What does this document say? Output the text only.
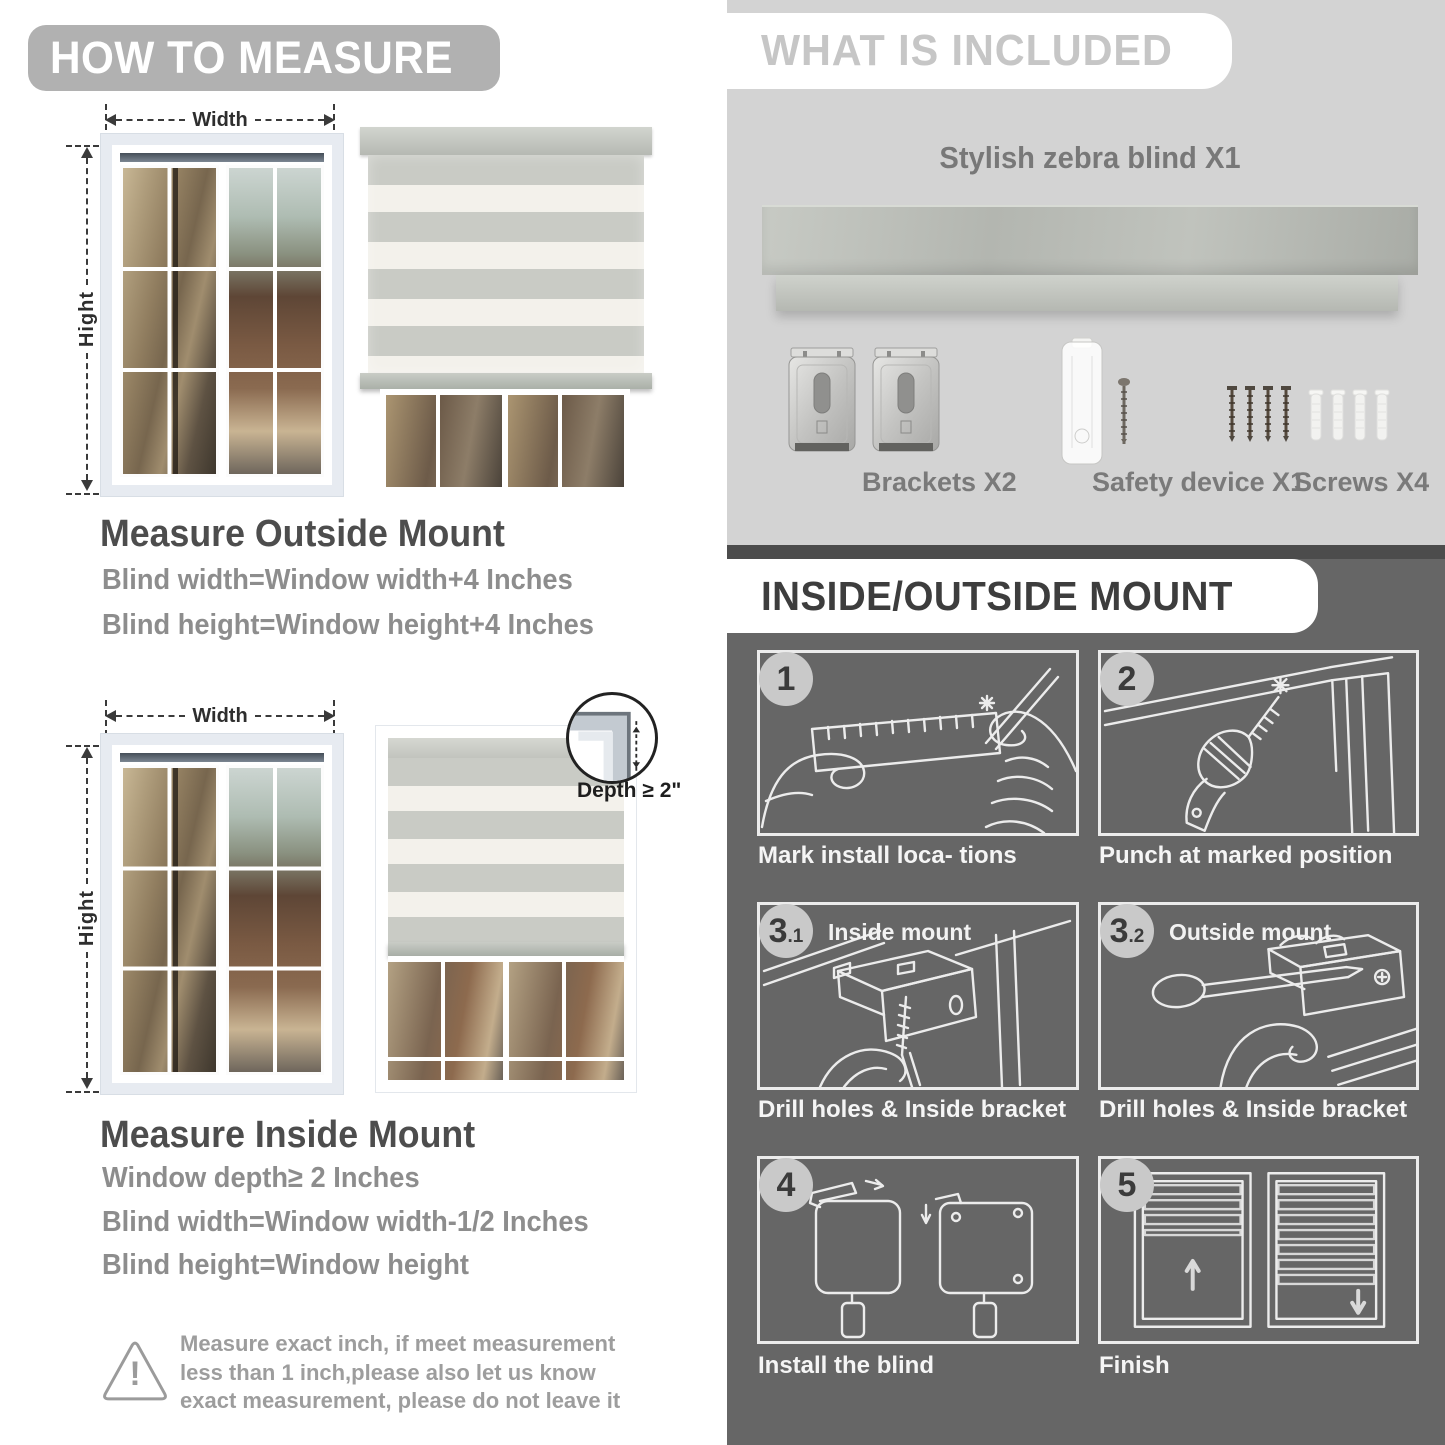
HOW TO MEASURE
Width
Hight
Measure Outside Mount
Blind width=Window width+4 Inches
Blind height=Window height+4 Inches
Width
Hight
Depth ≥ 2"
Measure Inside Mount
Window depth≥ 2 Inches
Blind width=Window width-1/2 Inches
Blind height=Window height
!
Measure exact inch, if meet measurement less than 1 inch,please also let us know exact measurement, please do not leave it
WHAT IS INCLUDED
Stylish zebra blind X1
Brackets X2	Safety device X1
Screws X4
INSIDE/OUTSIDE MOUNT
1
Mark install loca- tions
2
Punch at marked position
3 .1 Inside mount
Drill holes & Inside bracket
3 .2 Outside mount
Drill holes & Inside bracket
4
Install the blind
5
Finish
